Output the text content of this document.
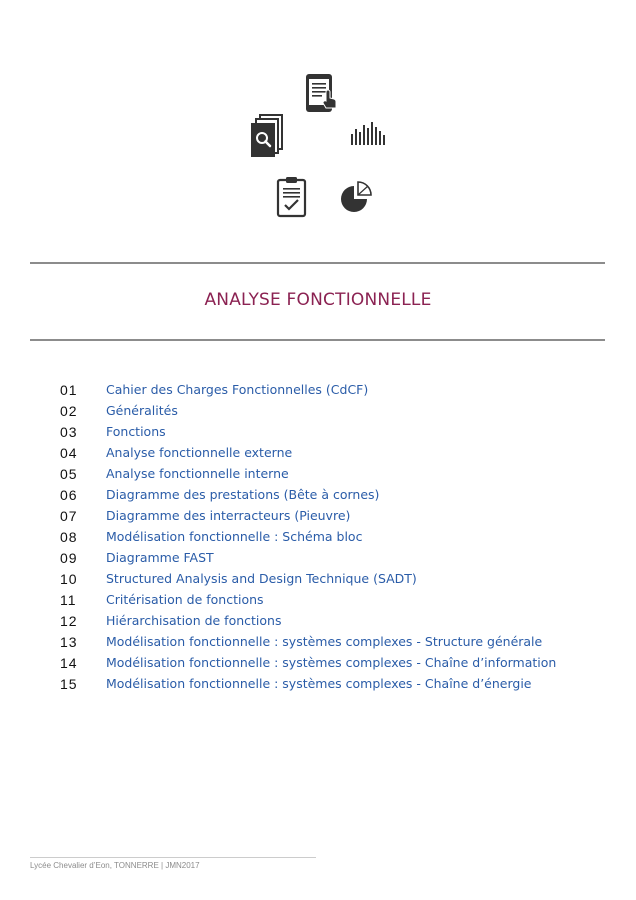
ANALYSE FONCTIONNELLE
01	Cahier des Charges Fonctionnelles (CdCF)
02	Généralités
03	Fonctions
04	Analyse fonctionnelle externe
05	Analyse fonctionnelle interne
06	Diagramme des prestations (Bête à cornes)
07	Diagramme des interracteurs (Pieuvre)
08	Modélisation fonctionnelle : Schéma bloc
09	Diagramme FAST
10	Structured Analysis and Design Technique (SADT)
11	Critérisation de fonctions
12	Hiérarchisation de fonctions
13	Modélisation fonctionnelle : systèmes complexes - Structure générale
14	Modélisation fonctionnelle : systèmes complexes - Chaîne d’information
15	Modélisation fonctionnelle : systèmes complexes - Chaîne d’énergie
Lycée Chevalier d’Eon, TONNERRE | JMN2017
